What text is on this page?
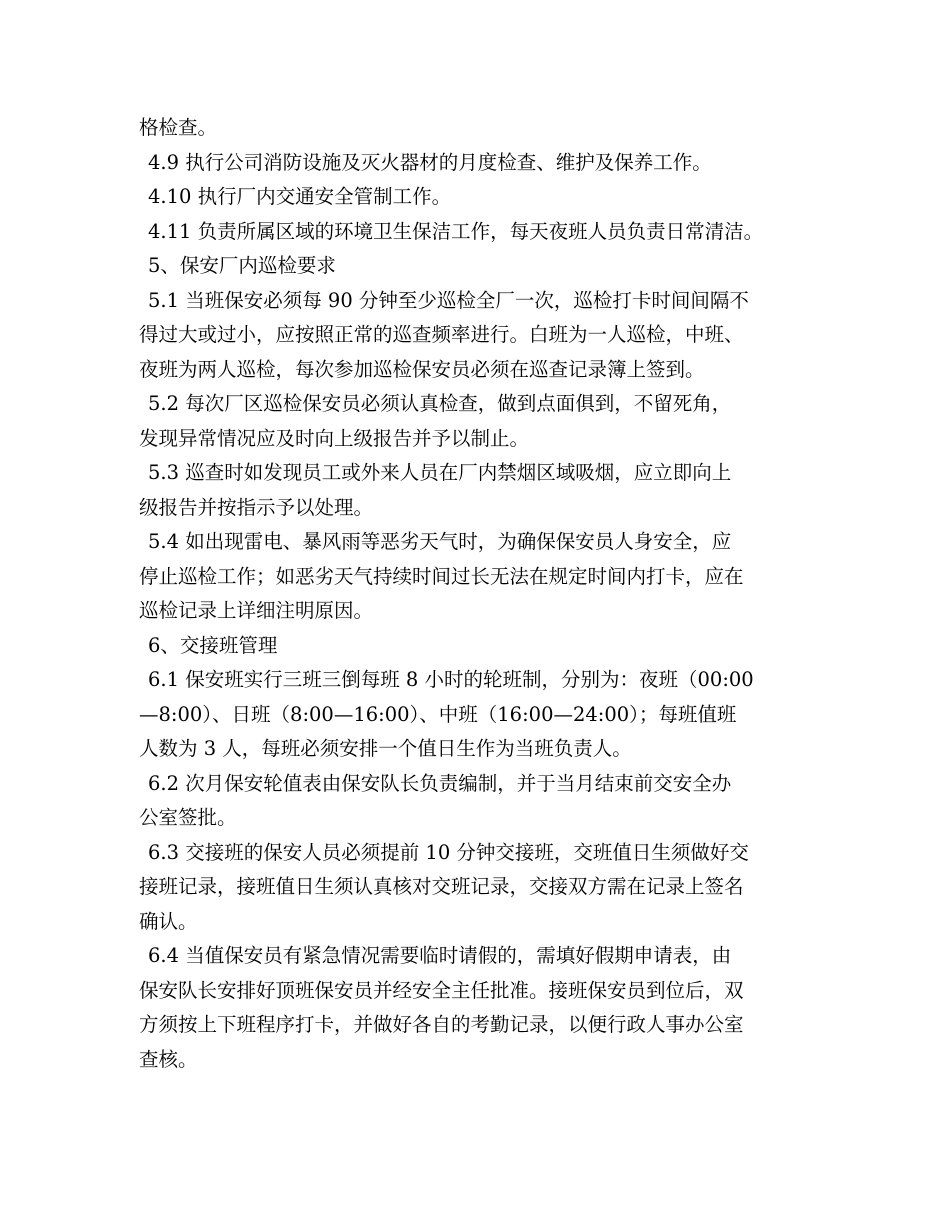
格检查。

4.9 执行公司消防设施及灭火器材的月度检查、维护及保养工作。

4.10 执行厂内交通安全管制工作。

4.11 负责所属区域的环境卫生保洁工作，每天夜班人员负责日常清洁。

5、保安厂内巡检要求

5.1 当班保安必须每 90 分钟至少巡检全厂一次，巡检打卡时间间隔不

得过大或过小，应按照正常的巡查频率进行。白班为一人巡检，中班、

夜班为两人巡检，每次参加巡检保安员必须在巡查记录簿上签到。

5.2 每次厂区巡检保安员必须认真检查，做到点面俱到，不留死角，

发现异常情况应及时向上级报告并予以制止。

5.3 巡查时如发现员工或外来人员在厂内禁烟区域吸烟，应立即向上

级报告并按指示予以处理。

5.4 如出现雷电、暴风雨等恶劣天气时，为确保保安员人身安全，应

停止巡检工作；如恶劣天气持续时间过长无法在规定时间内打卡，应在

巡检记录上详细注明原因。

6、交接班管理

6.1 保安班实行三班三倒每班 8 小时的轮班制，分别为：夜班（00:00

—8:00）、日班（8:00—16:00）、中班（16:00—24:00）；每班值班

人数为 3 人，每班必须安排一个值日生作为当班负责人。

6.2 次月保安轮值表由保安队长负责编制，并于当月结束前交安全办

公室签批。

6.3 交接班的保安人员必须提前 10 分钟交接班，交班值日生须做好交

接班记录，接班值日生须认真核对交班记录，交接双方需在记录上签名

确认。

6.4 当值保安员有紧急情况需要临时请假的，需填好假期申请表，由

保安队长安排好顶班保安员并经安全主任批准。接班保安员到位后，双

方须按上下班程序打卡，并做好各自的考勤记录，以便行政人事办公室

查核。
